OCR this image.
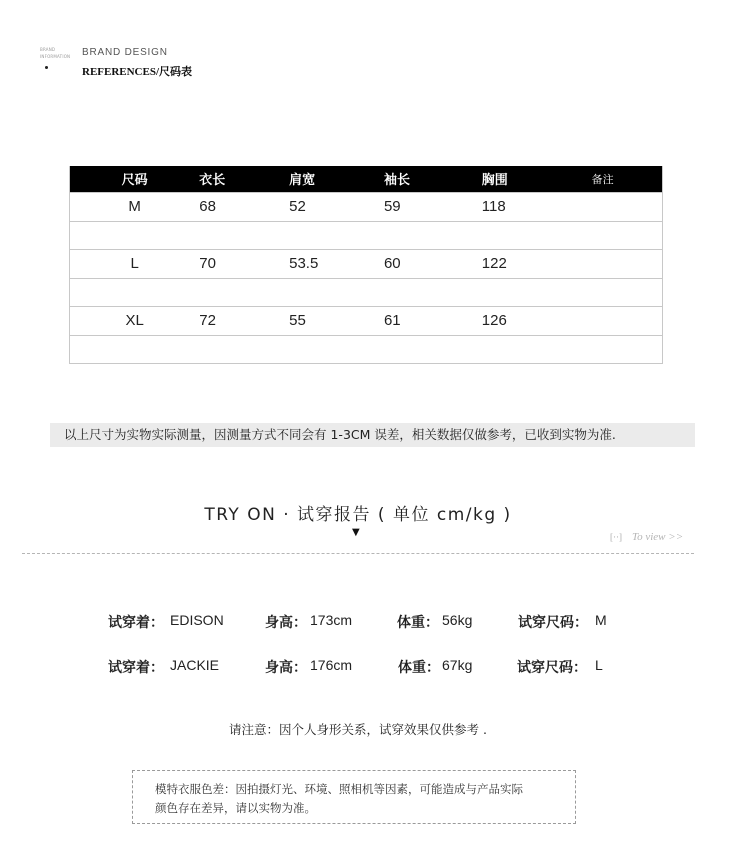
BRAND
INFORMATION	BRAND DESIGN
REFERENCES/尺码表
尺码	衣长	肩宽	袖长	胸围	备注
M	68	52	59	118	

L	70	53.5	60	122	

XL	72	55	61	126	

以上尺寸为实物实际测量，因测量方式不同会有 1-3CM 误差，相关数据仅做参考，已收到实物为准.
TRY ON · 试穿报告 ( 单位 cm/kg )
▼	[··] To view >>
试穿着： EDISON	身高： 173cm	体重： 56kg	试穿尺码： M
试穿着： JACKIE	身高： 176cm	体重： 67kg	试穿尺码： L
请注意：因个人身形关系，试穿效果仅供参考 .
模特衣服色差：因拍摄灯光、环境、照相机等因素，可能造成与产品实际
颜色存在差异，请以实物为准。
